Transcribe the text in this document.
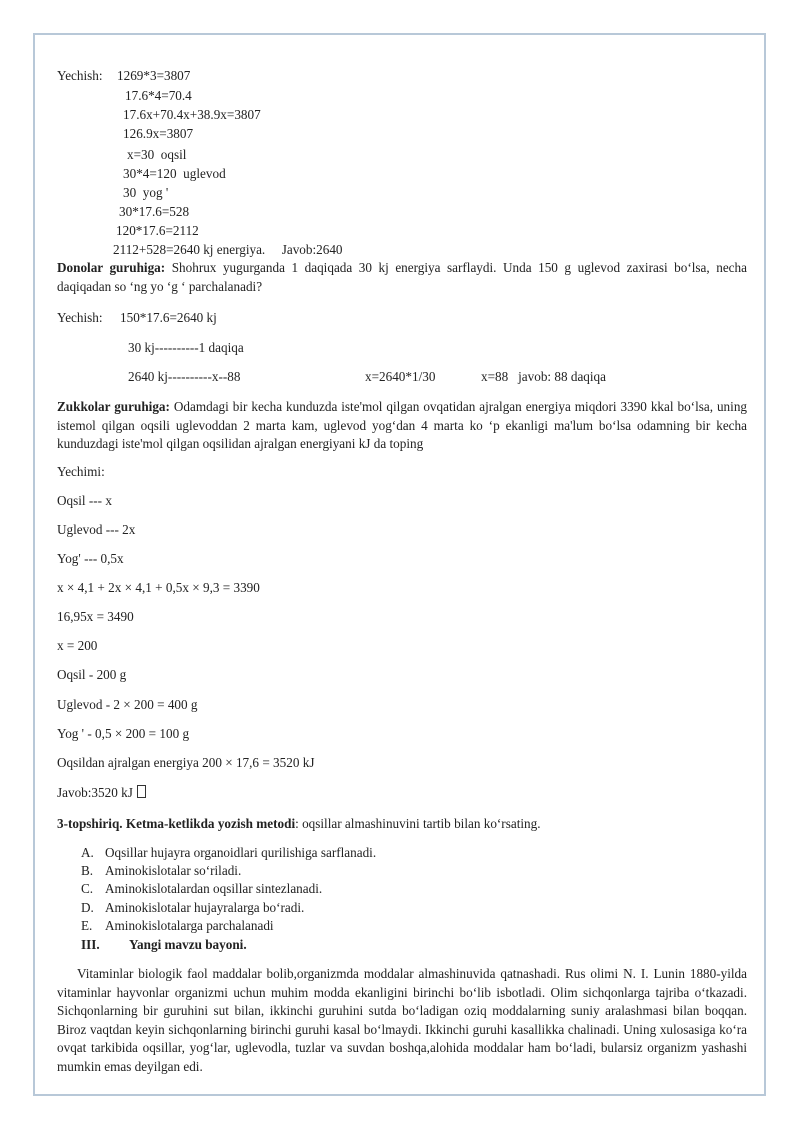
Yechish: 1269*3=3807
17.6*4=70.4
17.6x+70.4x+38.9x=3807
126.9x=3807
x=30  oqsil
30*4=120  uglevod
30  yog '
30*17.6=528
120*17.6=2112
2112+528=2640 kj energiya.     Javob:2640
Donolar guruhiga: Shohrux yugurganda 1 daqiqada 30 kj energiya sarflaydi. Unda 150 g uglevod zaxirasi bo‘lsa, necha daqiqadan so ‘ng yo ‘g ‘ parchalanadi?
Yechish: 150*17.6=2640 kj
30 kj----------1 daqiqa
2640 kj----------x--88	x=2640*1/30	x=88   javob: 88 daqiqa
Zukkolar guruhiga: Odamdagi bir kecha kunduzda iste'mol qilgan ovqatidan ajralgan energiya miqdori 3390 kkal bo‘lsa, uning istemol qilgan oqsili uglevoddan 2 marta kam, uglevod yog‘dan 4 marta ko ‘p ekanligi ma'lum bo‘lsa odamning bir kecha kunduzdagi iste'mol qilgan oqsilidan ajralgan energiyani kJ da toping
Yechimi:
Oqsil --- x
Uglevod --- 2x
Yog' --- 0,5x
x × 4,1 + 2x × 4,1 + 0,5x × 9,3 = 3390
16,95x = 3490
x = 200
Oqsil - 200 g
Uglevod - 2 × 200 = 400 g
Yog ' - 0,5 × 200 = 100 g
Oqsildan ajralgan energiya 200 × 17,6 = 3520 kJ
Javob:3520 kJ
3-topshiriq. Ketma-ketlikda yozish metodi: oqsillar almashinuvini tartib bilan ko‘rsating.
A. Oqsillar hujayra organoidlari qurilishiga sarflanadi.
B. Aminokislotalar so‘riladi.
C. Aminokislotalardan oqsillar sintezlanadi.
D. Aminokislotalar hujayralarga bo‘radi.
E. Aminokislotalarga parchalanadi
III. Yangi mavzu bayoni.
Vitaminlar biologik faol maddalar bolib,organizmda moddalar almashinuvida qatnashadi. Rus olimi N. I. Lunin 1880-yilda vitaminlar hayvonlar organizmi uchun muhim modda ekanligini birinchi bo‘lib isbotladi. Olim sichqonlarga tajriba o‘tkazadi. Sichqonlarning bir guruhini sut bilan, ikkinchi guruhini sutda bo‘ladigan oziq moddalarning suniy aralashmasi bilan boqqan. Biroz vaqtdan keyin sichqonlarning birinchi guruhi kasal bo‘lmaydi. Ikkinchi guruhi kasallikka chalinadi. Uning xulosasiga ko‘ra ovqat tarkibida oqsillar, yog‘lar, uglevodla, tuzlar va suvdan boshqa,alohida moddalar ham bo‘ladi, bularsiz organizm yashashi mumkin emas deyilgan edi.
